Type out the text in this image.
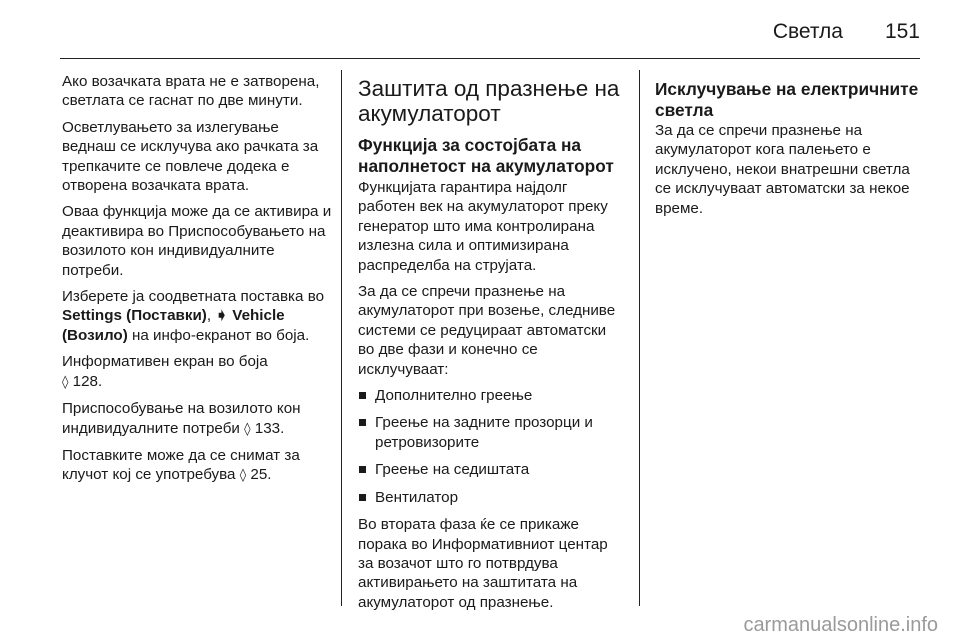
Светла 151

Ако возачката врата не е затворена, светлата се гаснат по две минути.

Осветлувањето за излегување веднаш се исклучува ако рачката за трепкачите се повлече додека е отворена возачката врата.

Оваа функција може да се активира и деактивира во Приспособувањето на возилото кон индивидуалните потреби.

Изберете ја соодветната поставка во Settings (Поставки), ➧ Vehicle (Возило) на инфо-екранот во боја.

Информативен екран во боја
◊ 128.

Приспособување на возилото кон индивидуалните потреби ◊ 133.

Поставките може да се снимат за клучот кој се употребува ◊ 25.

Заштита од празнење на акумулаторот
Функција за состојбата на наполнетост на акумулаторот

Функцијата гарантира најдолг работен век на акумулаторот преку генератор што има контролирана излезна сила и оптимизирана распределба на струјата.

За да се спречи празнење на акумулаторот при возење, следниве системи се редуцираат автоматски во две фази и конечно се исклучуваат:

Дополнително греење
Греење на задните прозорци и ретровизорите
Греење на седиштата
Вентилатор

Во втората фаза ќе се прикаже порака во Информативниот центар за возачот што го потврдува активирањето на заштитата на акумулаторот од празнење.

Исклучување на електричните светла

За да се спречи празнење на акумулаторот кога палењето е исклучено, некои внатрешни светла се исклучуваат автоматски за некое време.

carmanualsonline.info
